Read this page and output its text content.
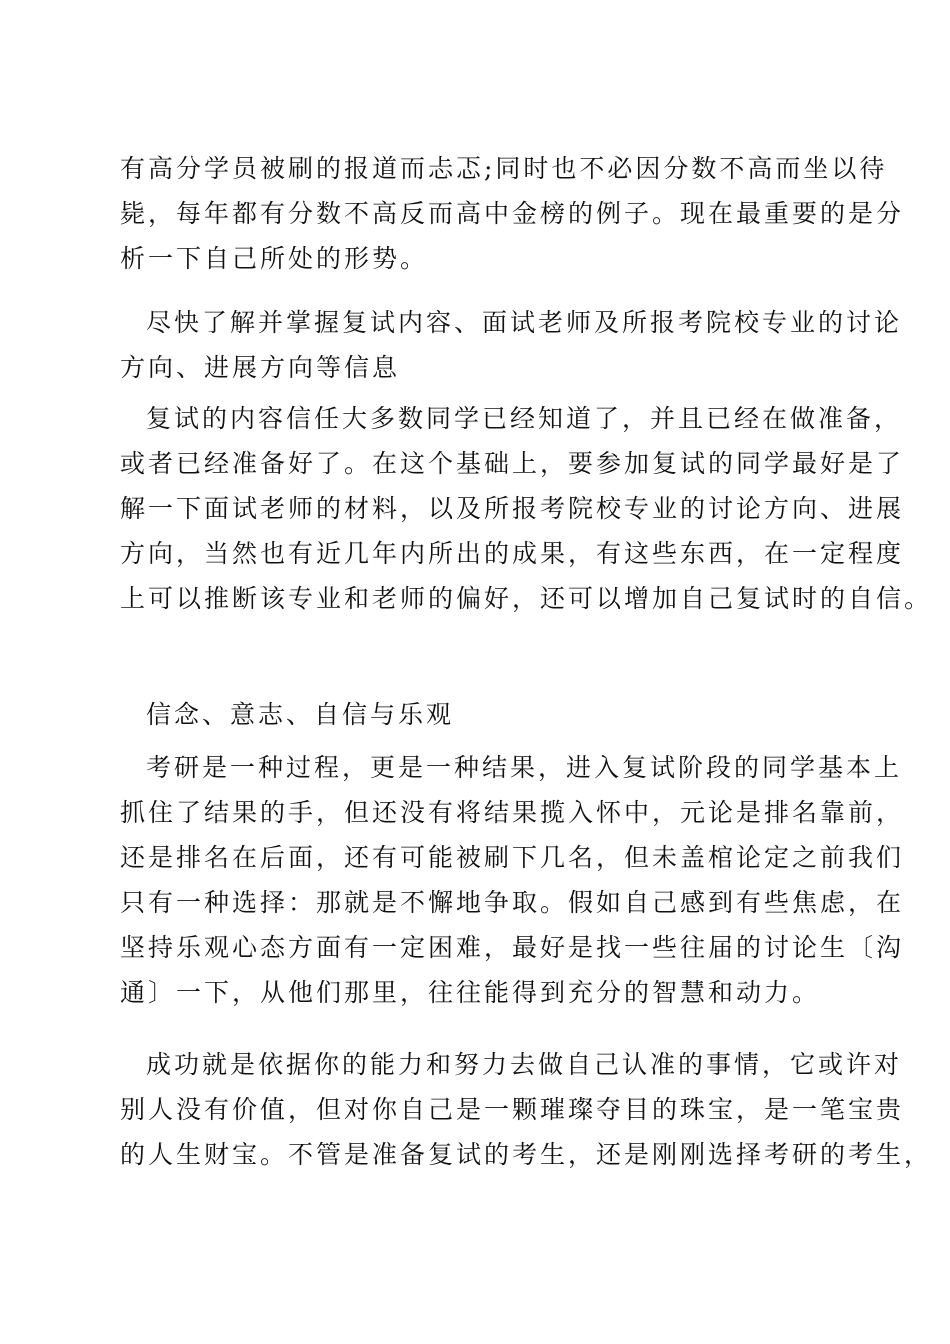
有高分学员被刷的报道而忐忑;同时也不必因分数不高而坐以待
毙，每年都有分数不高反而高中金榜的例子。现在最重要的是分
析一下自己所处的形势。
尽快了解并掌握复试内容、面试老师及所报考院校专业的讨论
方向、进展方向等信息
复试的内容信任大多数同学已经知道了，并且已经在做准备，
或者已经准备好了。在这个基础上，要参加复试的同学最好是了
解一下面试老师的材料，以及所报考院校专业的讨论方向、进展
方向，当然也有近几年内所出的成果，有这些东西，在一定程度
上可以推断该专业和老师的偏好，还可以增加自己复试时的自信。
信念、意志、自信与乐观
考研是一种过程，更是一种结果，进入复试阶段的同学基本上
抓住了结果的手，但还没有将结果揽入怀中，元论是排名靠前，
还是排名在后面，还有可能被刷下几名，但未盖棺论定之前我们
只有一种选择：那就是不懈地争取。假如自己感到有些焦虑，在
坚持乐观心态方面有一定困难，最好是找一些往届的讨论生〔沟
通〕一下，从他们那里，往往能得到充分的智慧和动力。
成功就是依据你的能力和努力去做自己认准的事情，它或许对
别人没有价值，但对你自己是一颗璀璨夺目的珠宝，是一笔宝贵
的人生财宝。不管是准备复试的考生，还是刚刚选择考研的考生，
